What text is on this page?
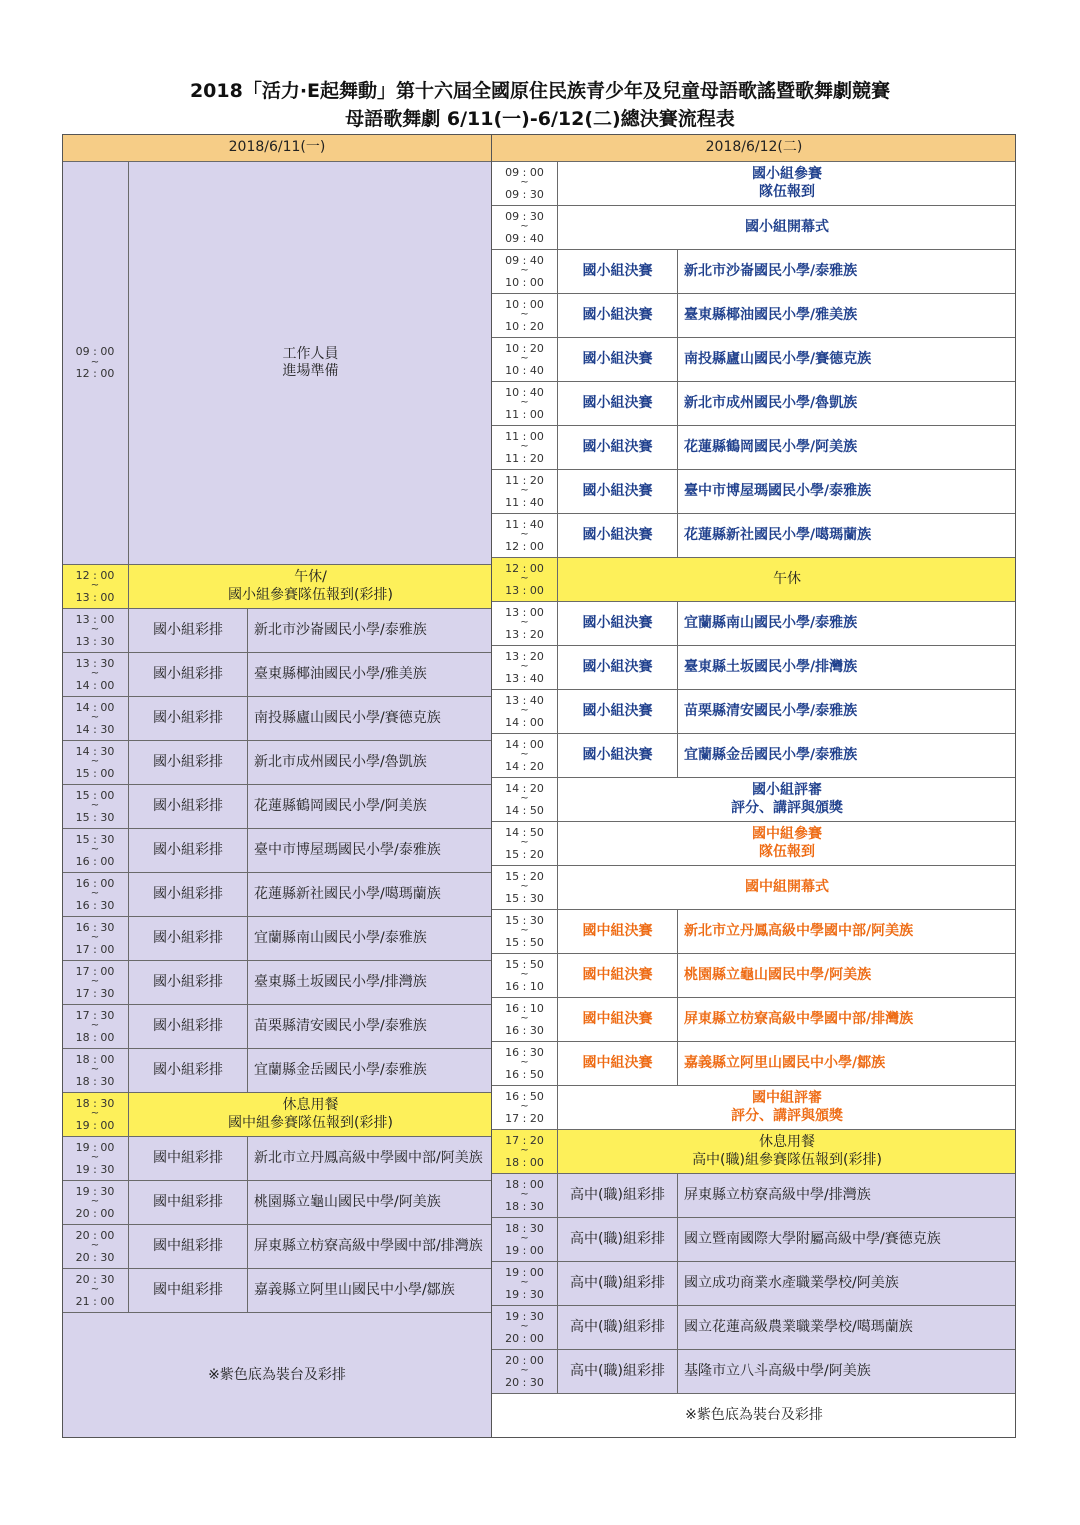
2018「活力·E起舞動」第十六屆全國原住民族青少年及兒童母語歌謠暨歌舞劇競賽
母語歌舞劇 6/11(一)-6/12(二)總決賽流程表
2018/6/11(一)
09 : 00
~
12 : 00
工作人員
進場準備
12 : 00
~
13 : 00
午休/
國小組參賽隊伍報到(彩排)
13 : 00
~
13 : 30
國小組彩排 新北市沙崙國民小學/泰雅族
13 : 30
~
14 : 00
國小組彩排 臺東縣椰油國民小學/雅美族
14 : 00
~
14 : 30
國小組彩排 南投縣廬山國民小學/賽德克族
14 : 30
~
15 : 00
國小組彩排 新北市成州國民小學/魯凱族
15 : 00
~
15 : 30
國小組彩排 花蓮縣鶴岡國民小學/阿美族
15 : 30
~
16 : 00
國小組彩排 臺中市博屋瑪國民小學/泰雅族
16 : 00
~
16 : 30
國小組彩排 花蓮縣新社國民小學/噶瑪蘭族
16 : 30
~
17 : 00
國小組彩排 宜蘭縣南山國民小學/泰雅族
17 : 00
~
17 : 30
國小組彩排 臺東縣土坂國民小學/排灣族
17 : 30
~
18 : 00
國小組彩排 苗栗縣清安國民小學/泰雅族
18 : 00
~
18 : 30
國小組彩排 宜蘭縣金岳國民小學/泰雅族
18 : 30
~
19 : 00
休息用餐
國中組參賽隊伍報到(彩排)
19 : 00
~
19 : 30
國中組彩排 新北市立丹鳳高級中學國中部/阿美族
19 : 30
~
20 : 00
國中組彩排 桃園縣立龜山國民中學/阿美族
20 : 00
~
20 : 30
國中組彩排 屏東縣立枋寮高級中學國中部/排灣族
20 : 30
~
21 : 00
國中組彩排 嘉義縣立阿里山國民中小學/鄒族
※紫色底為裝台及彩排
2018/6/12(二)
09 : 00
~
09 : 30
國小組參賽
隊伍報到
09 : 30
~
09 : 40
國小組開幕式
09 : 40
~
10 : 00
國小組決賽 新北市沙崙國民小學/泰雅族
10 : 00
~
10 : 20
國小組決賽 臺東縣椰油國民小學/雅美族
10 : 20
~
10 : 40
國小組決賽 南投縣廬山國民小學/賽德克族
10 : 40
~
11 : 00
國小組決賽 新北市成州國民小學/魯凱族
11 : 00
~
11 : 20
國小組決賽 花蓮縣鶴岡國民小學/阿美族
11 : 20
~
11 : 40
國小組決賽 臺中市博屋瑪國民小學/泰雅族
11 : 40
~
12 : 00
國小組決賽 花蓮縣新社國民小學/噶瑪蘭族
12 : 00
~
13 : 00
午休
13 : 00
~
13 : 20
國小組決賽 宜蘭縣南山國民小學/泰雅族
13 : 20
~
13 : 40
國小組決賽 臺東縣土坂國民小學/排灣族
13 : 40
~
14 : 00
國小組決賽 苗栗縣清安國民小學/泰雅族
14 : 00
~
14 : 20
國小組決賽 宜蘭縣金岳國民小學/泰雅族
14 : 20
~
14 : 50
國小組評審
評分、講評與頒獎
14 : 50
~
15 : 20
國中組參賽
隊伍報到
15 : 20
~
15 : 30
國中組開幕式
15 : 30
~
15 : 50
國中組決賽 新北市立丹鳳高級中學國中部/阿美族
15 : 50
~
16 : 10
國中組決賽 桃園縣立龜山國民中學/阿美族
16 : 10
~
16 : 30
國中組決賽 屏東縣立枋寮高級中學國中部/排灣族
16 : 30
~
16 : 50
國中組決賽 嘉義縣立阿里山國民中小學/鄒族
16 : 50
~
17 : 20
國中組評審
評分、講評與頒獎
17 : 20
~
18 : 00
休息用餐
高中(職)組參賽隊伍報到(彩排)
18 : 00
~
18 : 30
高中(職)組彩排 屏東縣立枋寮高級中學/排灣族
18 : 30
~
19 : 00
高中(職)組彩排 國立暨南國際大學附屬高級中學/賽德克族
19 : 00
~
19 : 30
高中(職)組彩排 國立成功商業水產職業學校/阿美族
19 : 30
~
20 : 00
高中(職)組彩排 國立花蓮高級農業職業學校/噶瑪蘭族
20 : 00
~
20 : 30
高中(職)組彩排 基隆市立八斗高級中學/阿美族
※紫色底為裝台及彩排
